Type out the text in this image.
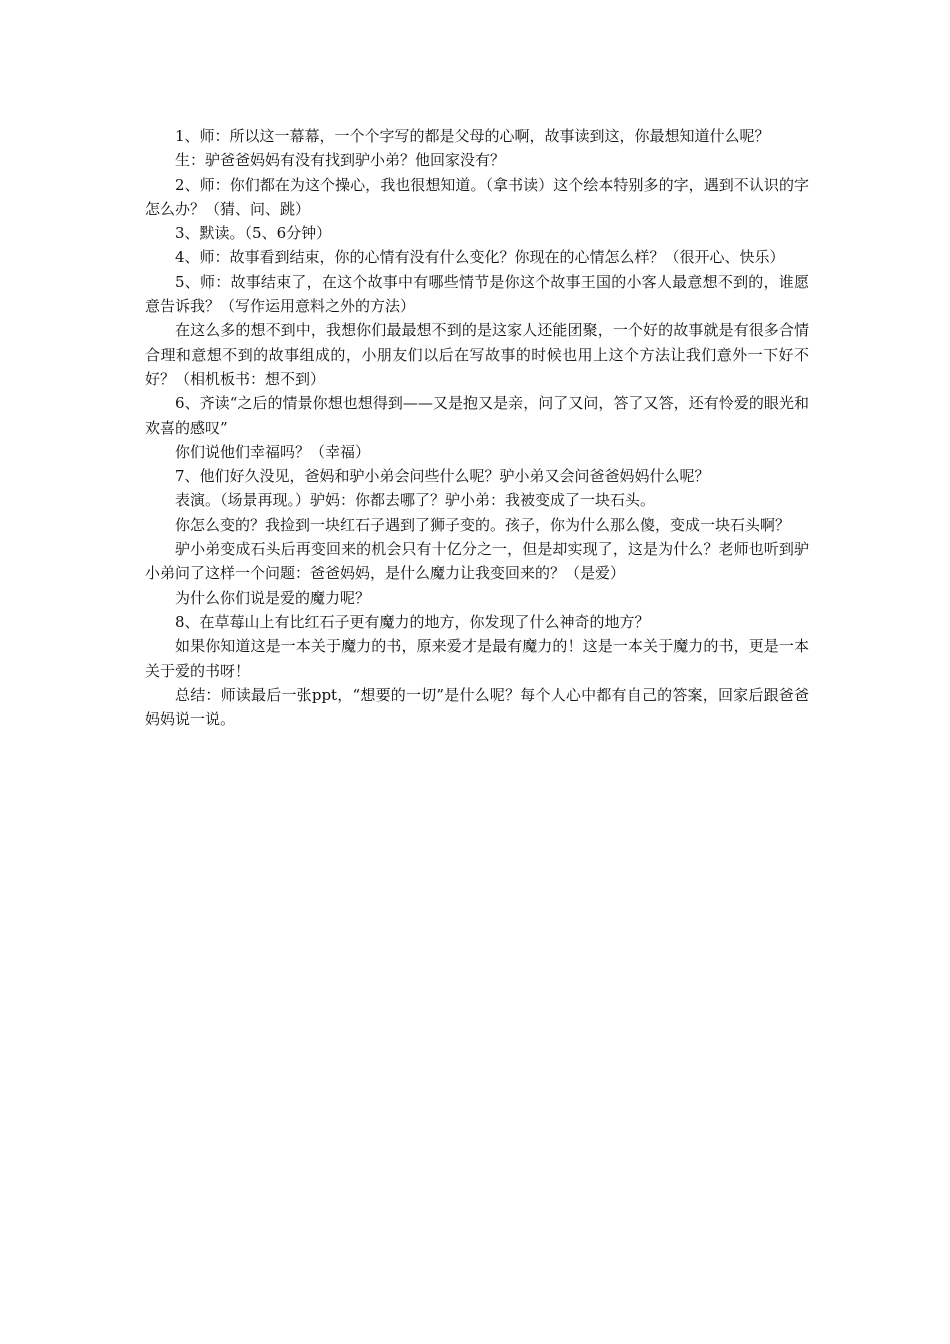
1、师：所以这一幕幕，一个个字写的都是父母的心啊，故事读到这，你最想知道什么呢？

生：驴爸爸妈妈有没有找到驴小弟？他回家没有？

2、师：你们都在为这个操心，我也很想知道。（拿书读）这个绘本特别多的字，遇到不认识的字怎么办？（猜、问、跳）

3、默读。（5、6分钟）

4、师：故事看到结束，你的心情有没有什么变化？你现在的心情怎么样？（很开心、快乐）

5、师：故事结束了，在这个故事中有哪些情节是你这个故事王国的小客人最意想不到的，谁愿意告诉我？（写作运用意料之外的方法）

在这么多的想不到中，我想你们最最想不到的是这家人还能团聚，一个好的故事就是有很多合情合理和意想不到的故事组成的，小朋友们以后在写故事的时候也用上这个方法让我们意外一下好不好？（相机板书：想不到）

6、齐读“之后的情景你想也想得到——又是抱又是亲，问了又问，答了又答，还有怜爱的眼光和欢喜的感叹”

你们说他们幸福吗？（幸福）

7、他们好久没见，爸妈和驴小弟会问些什么呢？驴小弟又会问爸爸妈妈什么呢？

表演。（场景再现。）驴妈：你都去哪了？驴小弟：我被变成了一块石头。

你怎么变的？我捡到一块红石子遇到了狮子变的。孩子，你为什么那么傻，变成一块石头啊？

驴小弟变成石头后再变回来的机会只有十亿分之一，但是却实现了，这是为什么？老师也听到驴小弟问了这样一个问题：爸爸妈妈，是什么魔力让我变回来的？（是爱）

为什么你们说是爱的魔力呢？

8、在草莓山上有比红石子更有魔力的地方，你发现了什么神奇的地方？

如果你知道这是一本关于魔力的书，原来爱才是最有魔力的！这是一本关于魔力的书，更是一本关于爱的书呀！

总结：师读最后一张ppt，“想要的一切”是什么呢？每个人心中都有自己的答案，回家后跟爸爸妈妈说一说。
